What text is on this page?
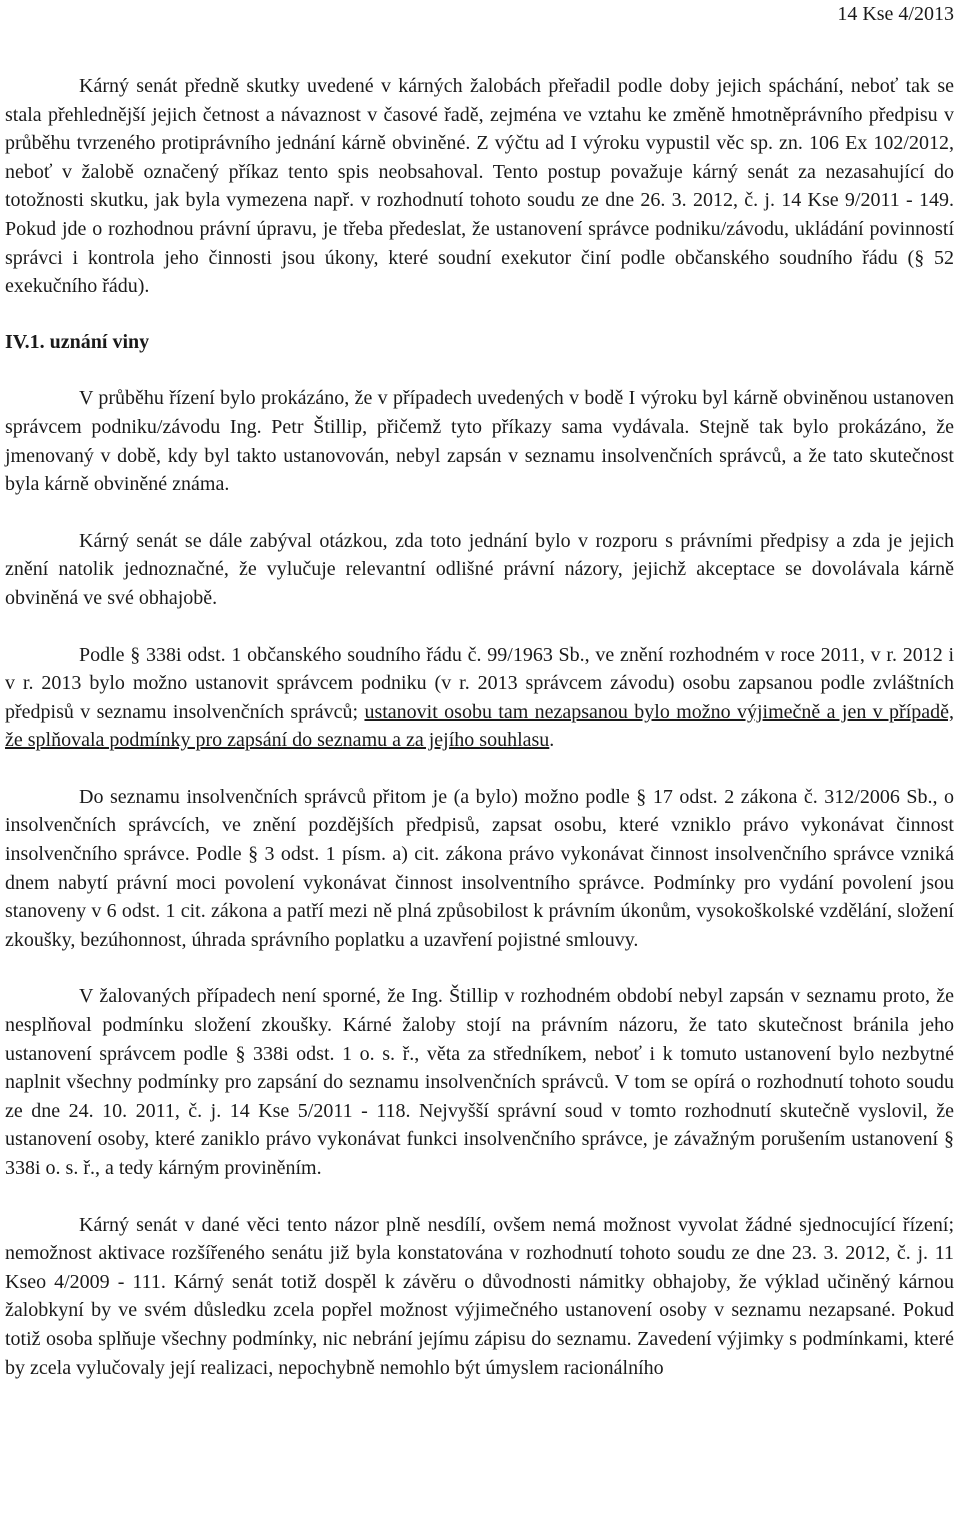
14 Kse 4/2013

Kárný senát předně skutky uvedené v kárných žalobách přeřadil podle doby jejich spáchání, neboť tak se stala přehlednější jejich četnost a návaznost v časové řadě, zejména ve vztahu ke změně hmotněprávního předpisu v průběhu tvrzeného protiprávního jednání kárně obviněné. Z výčtu ad I výroku vypustil věc sp. zn. 106 Ex 102/2012, neboť v žalobě označený příkaz tento spis neobsahoval. Tento postup považuje kárný senát za nezasahující do totožnosti skutku, jak byla vymezena např. v rozhodnutí tohoto soudu ze dne 26. 3. 2012, č. j. 14 Kse 9/2011 - 149. Pokud jde o rozhodnou právní úpravu, je třeba předeslat, že ustanovení správce podniku/závodu, ukládání povinností správci i kontrola jeho činnosti jsou úkony, které soudní exekutor činí podle občanského soudního řádu (§ 52 exekučního řádu).

IV.1. uznání viny

V průběhu řízení bylo prokázáno, že v případech uvedených v bodě I výroku byl kárně obviněnou ustanoven správcem podniku/závodu Ing. Petr Štillip, přičemž tyto příkazy sama vydávala. Stejně tak bylo prokázáno, že jmenovaný v době, kdy byl takto ustanovován, nebyl zapsán v seznamu insolvenčních správců, a že tato skutečnost byla kárně obviněné známa.

Kárný senát se dále zabýval otázkou, zda toto jednání bylo v rozporu s právními předpisy a zda je jejich znění natolik jednoznačné, že vylučuje relevantní odlišné právní názory, jejichž akceptace se dovolávala kárně obviněná ve své obhajobě.

Podle § 338i odst. 1 občanského soudního řádu č. 99/1963 Sb., ve znění rozhodném v roce 2011, v r. 2012 i v r. 2013 bylo možno ustanovit správcem podniku (v r. 2013 správcem závodu) osobu zapsanou podle zvláštních předpisů v seznamu insolvenčních správců; ustanovit osobu tam nezapsanou bylo možno výjimečně a jen v případě, že splňovala podmínky pro zapsání do seznamu a za jejího souhlasu.

Do seznamu insolvenčních správců přitom je (a bylo) možno podle § 17 odst. 2 zákona č. 312/2006 Sb., o insolvenčních správcích, ve znění pozdějších předpisů, zapsat osobu, které vzniklo právo vykonávat činnost insolvenčního správce. Podle § 3 odst. 1 písm. a) cit. zákona právo vykonávat činnost insolvenčního správce vzniká dnem nabytí právní moci povolení vykonávat činnost insolventního správce. Podmínky pro vydání povolení jsou stanoveny v 6 odst. 1 cit. zákona a patří mezi ně plná způsobilost k právním úkonům, vysokoškolské vzdělání, složení zkoušky, bezúhonnost, úhrada správního poplatku a uzavření pojistné smlouvy.

V žalovaných případech není sporné, že Ing. Štillip v rozhodném období nebyl zapsán v seznamu proto, že nesplňoval podmínku složení zkoušky. Kárné žaloby stojí na právním názoru, že tato skutečnost bránila jeho ustanovení správcem podle § 338i odst. 1 o. s. ř., věta za středníkem, neboť i k tomuto ustanovení bylo nezbytné naplnit všechny podmínky pro zapsání do seznamu insolvenčních správců. V tom se opírá o rozhodnutí tohoto soudu ze dne 24. 10. 2011, č. j. 14 Kse 5/2011 - 118. Nejvyšší správní soud v tomto rozhodnutí skutečně vyslovil, že ustanovení osoby, které zaniklo právo vykonávat funkci insolvenčního správce, je závažným porušením ustanovení § 338i o. s. ř., a tedy kárným proviněním.

Kárný senát v dané věci tento názor plně nesdílí, ovšem nemá možnost vyvolat žádné sjednocující řízení; nemožnost aktivace rozšířeného senátu již byla konstatována v rozhodnutí tohoto soudu ze dne 23. 3. 2012, č. j. 11 Kseo 4/2009 - 111. Kárný senát totiž dospěl k závěru o důvodnosti námitky obhajoby, že výklad učiněný kárnou žalobkyní by ve svém důsledku zcela popřel možnost výjimečného ustanovení osoby v seznamu nezapsané. Pokud totiž osoba splňuje všechny podmínky, nic nebrání jejímu zápisu do seznamu. Zavedení výjimky s podmínkami, které by zcela vylučovaly její realizaci, nepochybně nemohlo být úmyslem racionálního
